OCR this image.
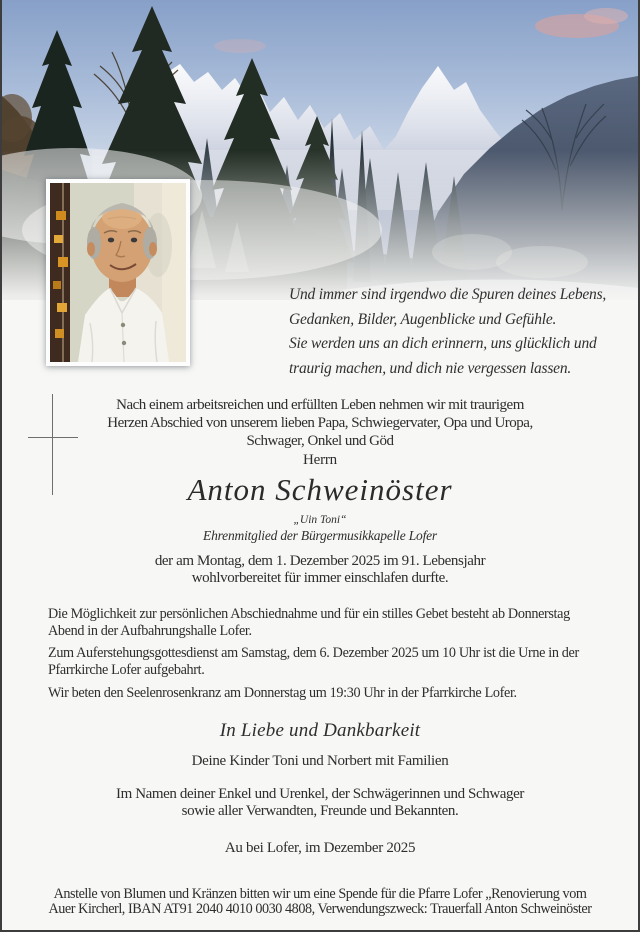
Und immer sind irgendwo die Spuren deines Lebens,
Gedanken, Bilder, Augenblicke und Gefühle.
Sie werden uns an dich erinnern, uns glücklich und
traurig machen, und dich nie vergessen lassen.
Nach einem arbeitsreichen und erfüllten Leben nehmen wir mit traurigem
Herzen Abschied von unserem lieben Papa, Schwiegervater, Opa und Uropa,
Schwager, Onkel und Göd
Herrn
Anton Schweinöster
„Uin Toni“
Ehrenmitglied der Bürgermusikkapelle Lofer
der am Montag, dem 1. Dezember 2025 im 91. Lebensjahr
wohlvorbereitet für immer einschlafen durfte.
Die Möglichkeit zur persönlichen Abschiednahme und für ein stilles Gebet besteht ab Donnerstag
Abend in der Aufbahrungshalle Lofer.
Zum Auferstehungsgottesdienst am Samstag, dem 6. Dezember 2025 um 10 Uhr ist die Urne in der
Pfarrkirche Lofer aufgebahrt.
Wir beten den Seelenrosenkranz am Donnerstag um 19:30 Uhr in der Pfarrkirche Lofer.
In Liebe und Dankbarkeit
Deine Kinder Toni und Norbert mit Familien
Im Namen deiner Enkel und Urenkel, der Schwägerinnen und Schwager
sowie aller Verwandten, Freunde und Bekannten.
Au bei Lofer, im Dezember 2025
Anstelle von Blumen und Kränzen bitten wir um eine Spende für die Pfarre Lofer „Renovierung vom
Auer Kircherl, IBAN AT91 2040 4010 0030 4808, Verwendungszweck: Trauerfall Anton Schweinöster
